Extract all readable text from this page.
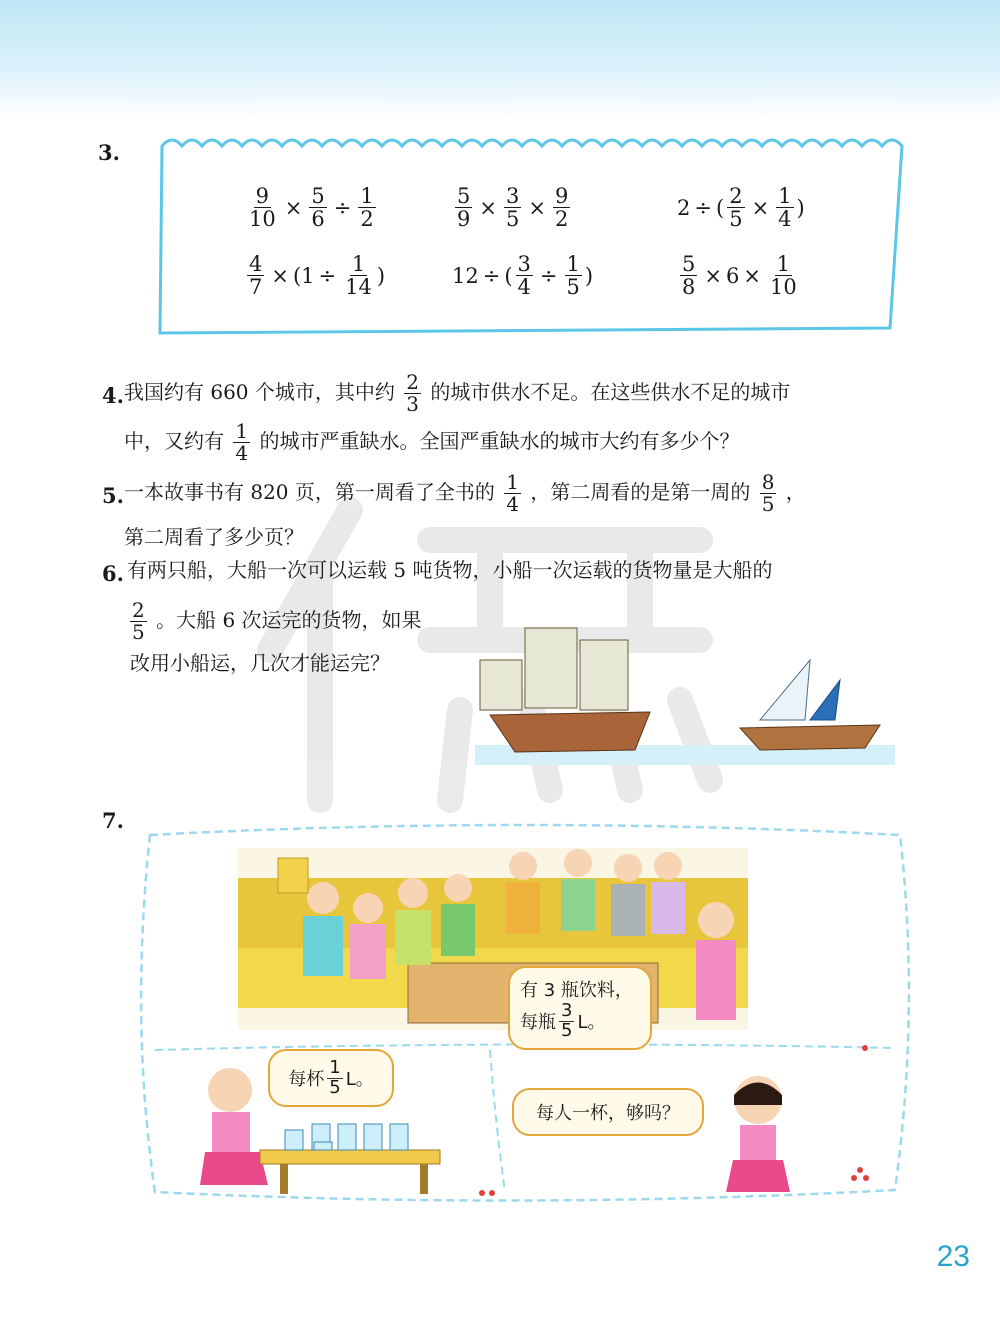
3.
4. 我国约有 660 个城市，其中约 $\frac{2}{3}$ 的城市供水不足。在这些供水不足的城市
中，又约有 $\frac{1}{4}$ 的城市严重缺水。全国严重缺水的城市大约有多少个？
5. 一本故事书有 820 页，第一周看了全书的 $\frac{1}{4}$ ，第二周看的是第一周的 $\frac{8}{5}$ ，
第二周看了多少页？
6. 有两只船，大船一次可以运载 5 吨货物，小船一次运载的货物量是大船的
$\frac{2}{5}$ 。大船 6 次运完的货物，如果
改用小船运，几次才能运完？
7.
有 3 瓶饮料，
每瓶 $\frac{3}{5}$ L。
每杯 $\frac{1}{5}$ L。
每人一杯，够吗？
23
$\frac{9}{10} \times \frac{5}{6} \div \frac{1}{2}$	$\frac{5}{9} \times \frac{3}{5} \times \frac{9}{2}$	2 ÷ ( $\frac{2}{5} \times \frac{1}{4}$ )
$\frac{4}{7} \times (1 \div \frac{1}{14}$ )	12 ÷ ( $\frac{3}{4} \div \frac{1}{5}$ )	$\frac{5}{8} \times 6 \times \frac{1}{10}$
